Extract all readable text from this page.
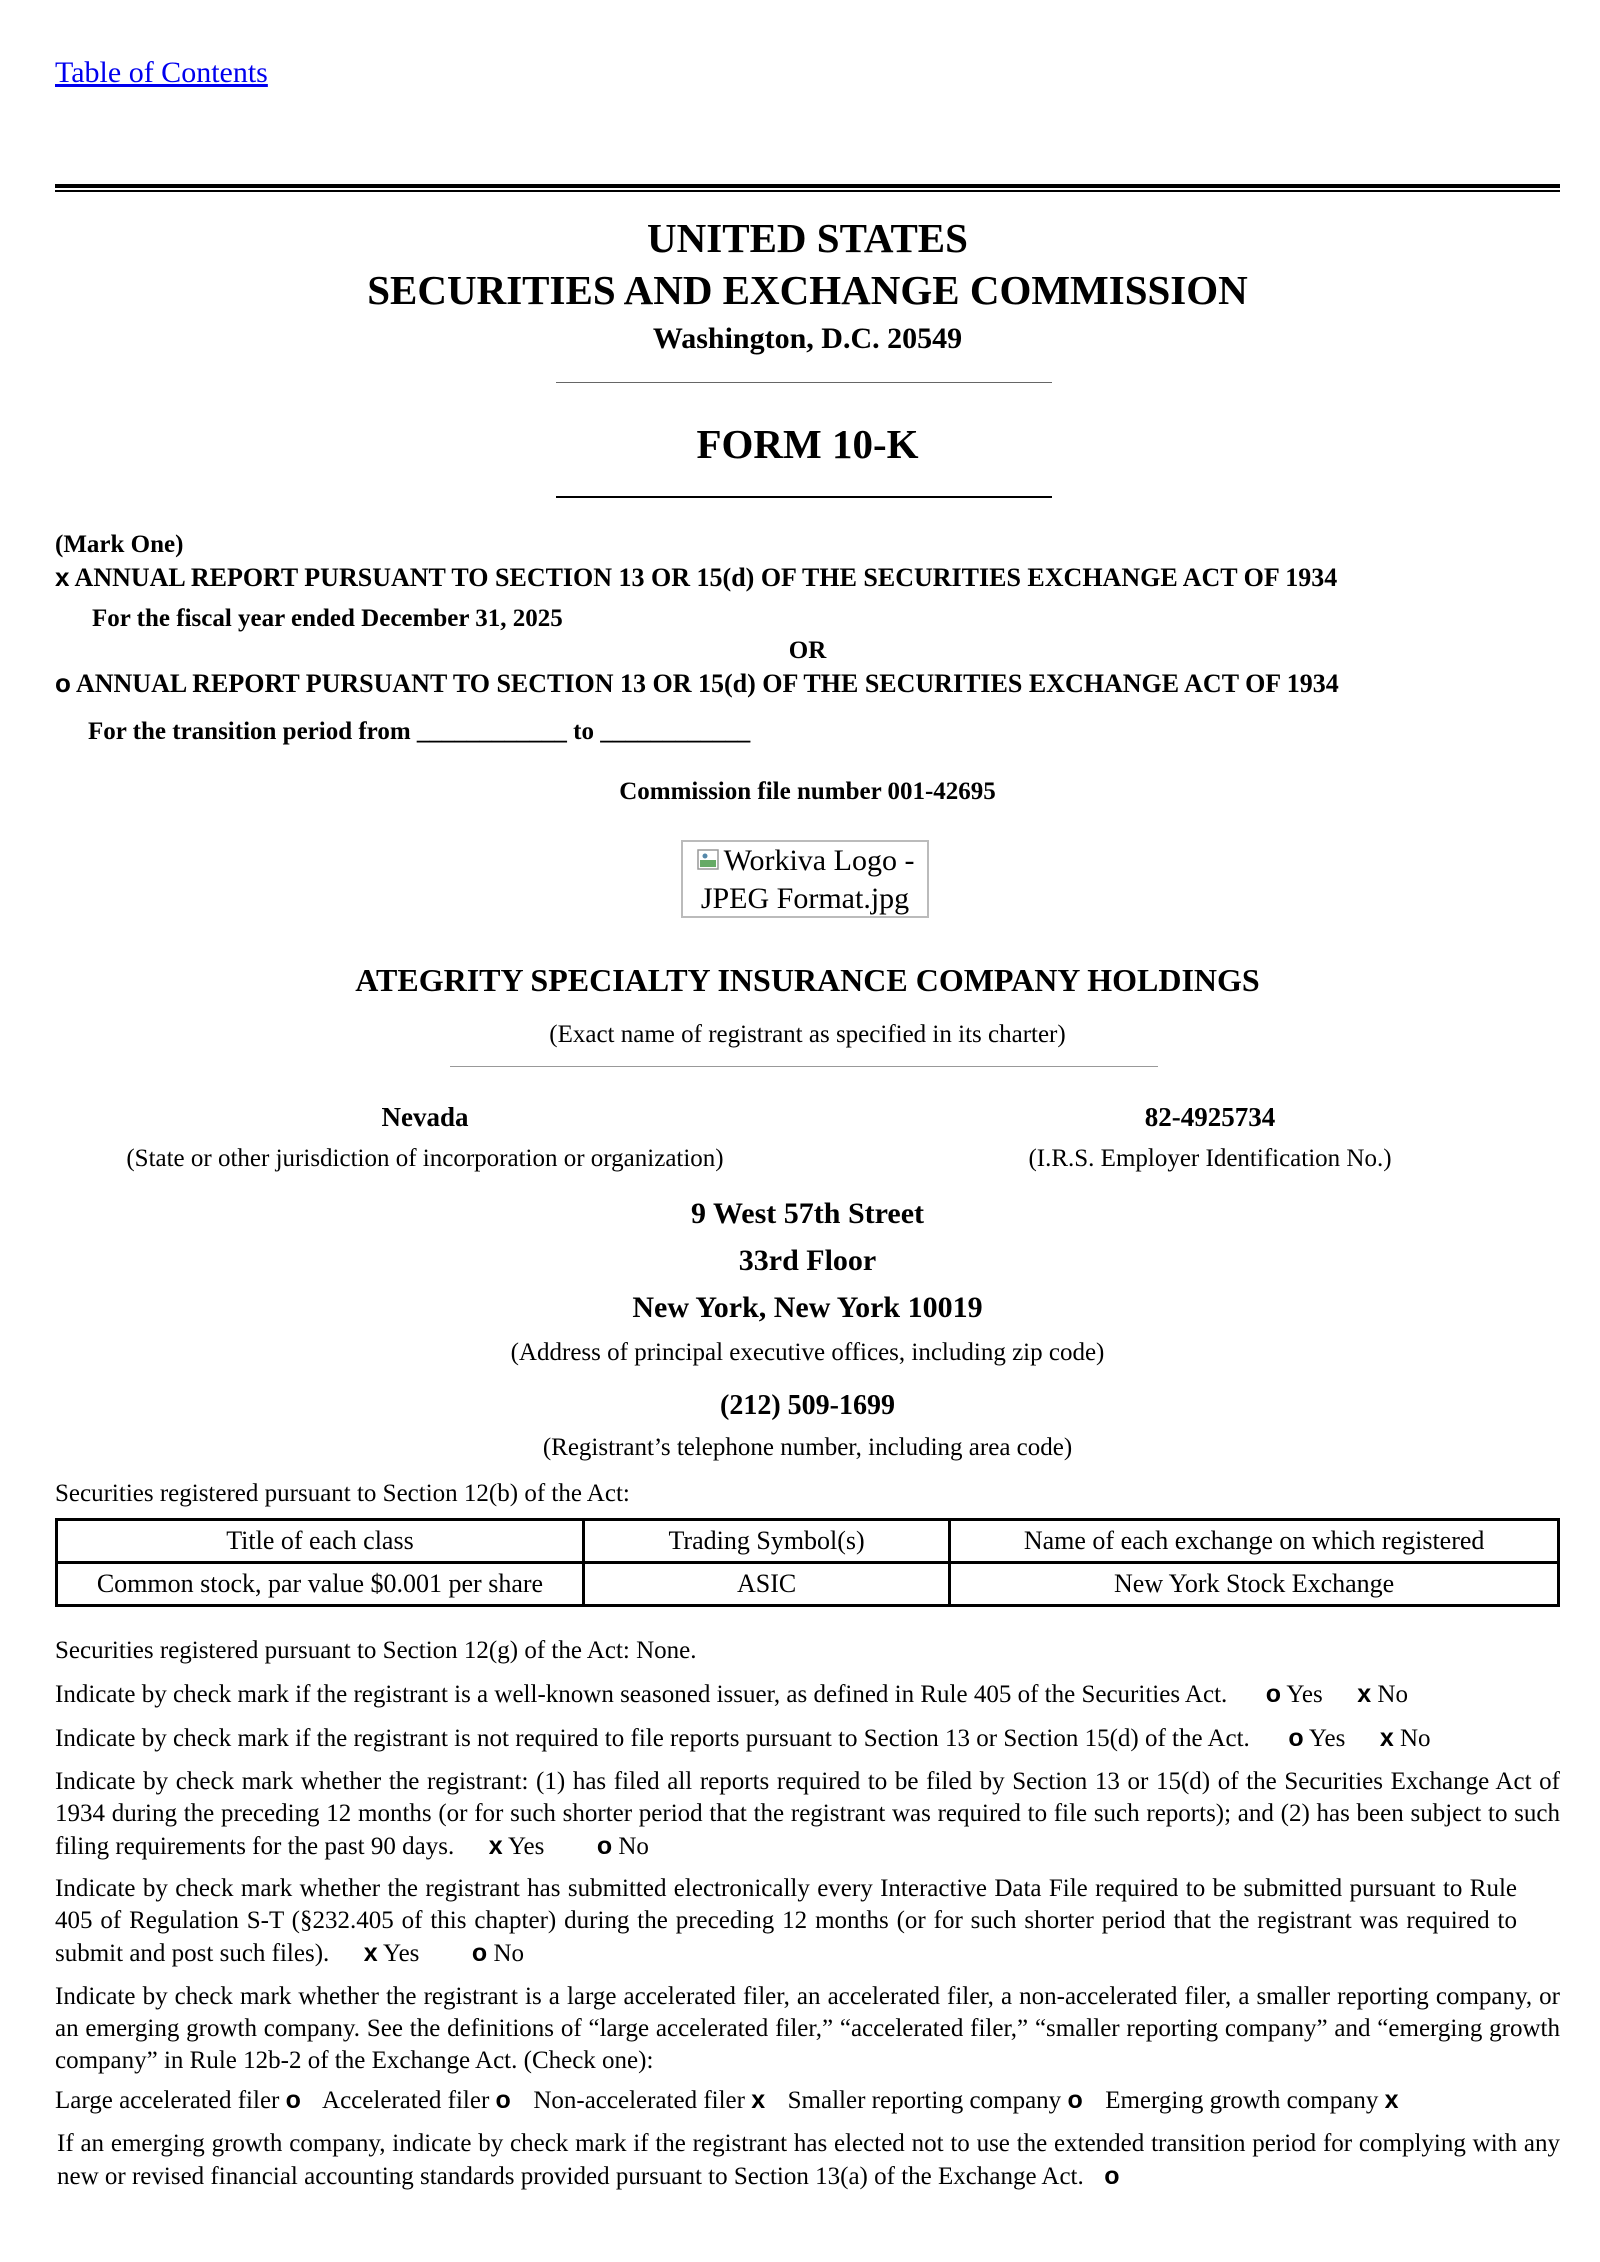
Table of Contents
UNITED STATES
SECURITIES AND EXCHANGE COMMISSION
Washington, D.C. 20549
FORM 10-K
(Mark One)
x ANNUAL REPORT PURSUANT TO SECTION 13 OR 15(d) OF THE SECURITIES EXCHANGE ACT OF 1934
For the fiscal year ended December 31, 2025
OR
o ANNUAL REPORT PURSUANT TO SECTION 13 OR 15(d) OF THE SECURITIES EXCHANGE ACT OF 1934
For the transition period from ____________ to ____________
Commission file number 001-42695
Workiva Logo -
JPEG Format.jpg
ATEGRITY SPECIALTY INSURANCE COMPANY HOLDINGS
(Exact name of registrant as specified in its charter)
Nevada
(State or other jurisdiction of incorporation or organization)
82-4925734
(I.R.S. Employer Identification No.)
9 West 57th Street
33rd Floor
New York, New York 10019
(Address of principal executive offices, including zip code)
(212) 509-1699
(Registrant’s telephone number, including area code)
Securities registered pursuant to Section 12(b) of the Act:
Title of each class	Trading Symbol(s)	Name of each exchange on which registered
Common stock, par value $0.001 per share	ASIC	New York Stock Exchange
Securities registered pursuant to Section 12(g) of the Act: None.
Indicate by check mark if the registrant is a well-known seasoned issuer, as defined in Rule 405 of the Securities Act. o Yes x No
Indicate by check mark if the registrant is not required to file reports pursuant to Section 13 or Section 15(d) of the Act. o Yes x No
Indicate by check mark whether the registrant: (1) has filed all reports required to be filed by Section 13 or 15(d) of the Securities Exchange Act of 1934 during the preceding 12 months (or for such shorter period that the registrant was required to file such reports); and (2) has been subject to such filing requirements for the past 90 days. x Yes o No
Indicate by check mark whether the registrant has submitted electronically every Interactive Data File required to be submitted pursuant to Rule 405 of Regulation S-T (§232.405 of this chapter) during the preceding 12 months (or for such shorter period that the registrant was required to submit and post such files). x Yes o No
Indicate by check mark whether the registrant is a large accelerated filer, an accelerated filer, a non-accelerated filer, a smaller reporting company, or an emerging growth company. See the definitions of “large accelerated filer,” “accelerated filer,” “smaller reporting company” and “emerging growth company” in Rule 12b-2 of the Exchange Act. (Check one):
Large accelerated filer o Accelerated filer o Non-accelerated filer x Smaller reporting company o Emerging growth company x
If an emerging growth company, indicate by check mark if the registrant has elected not to use the extended transition period for complying with any new or revised financial accounting standards provided pursuant to Section 13(a) of the Exchange Act. o
